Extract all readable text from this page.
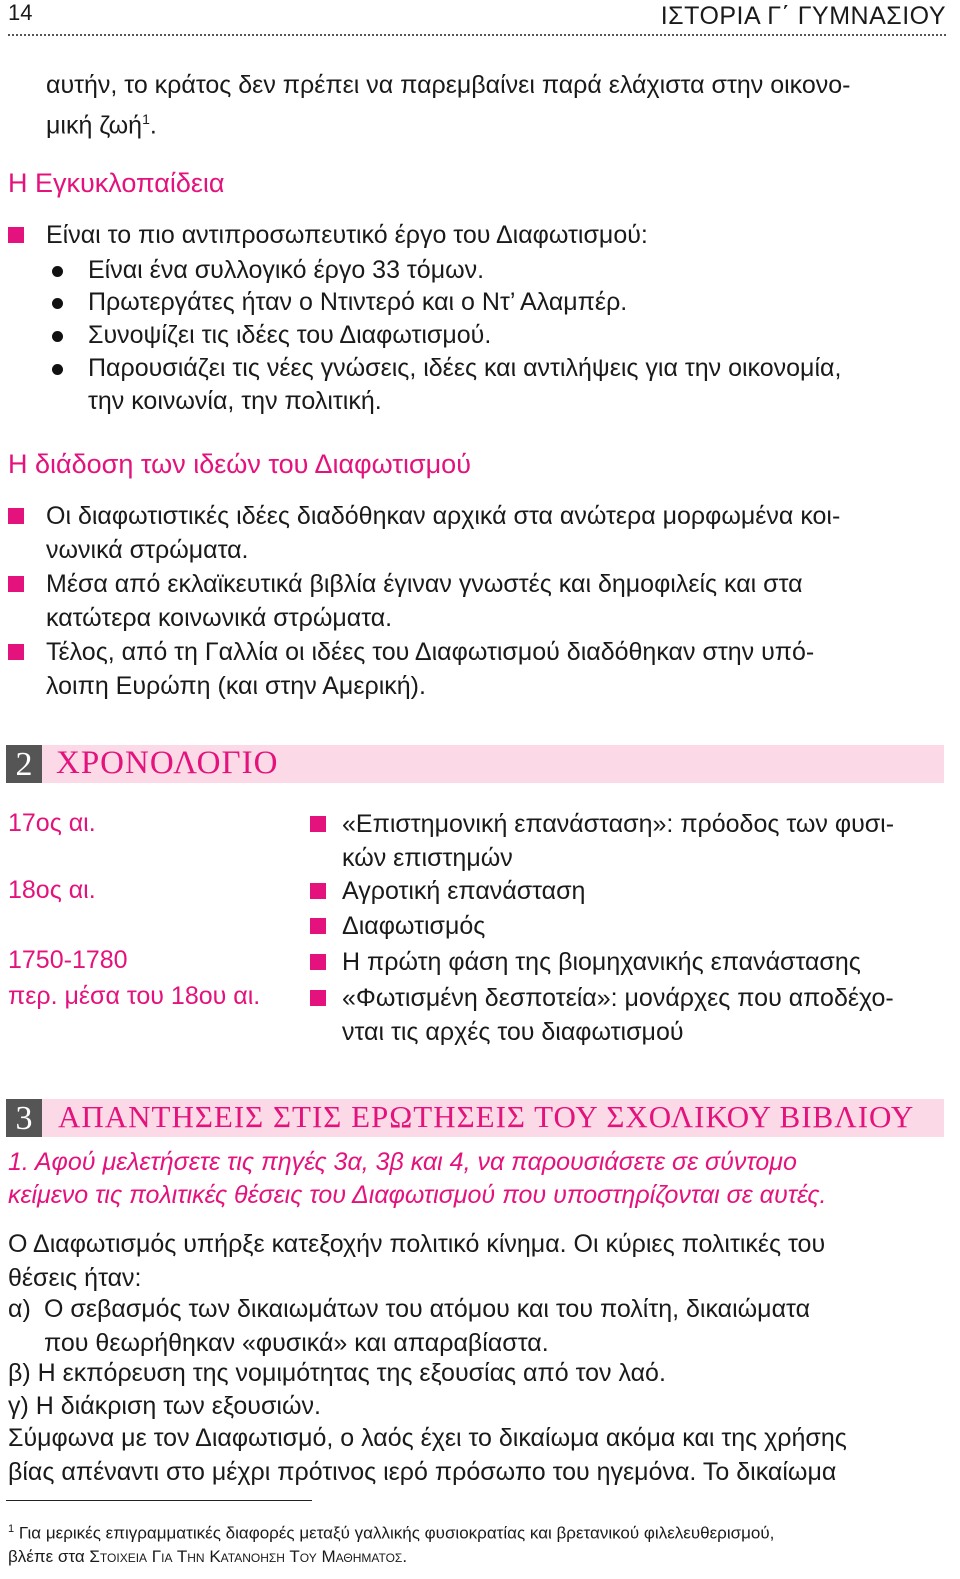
14	ΙΣΤΟΡΙΑ Γ΄ ΓΥΜΝΑΣΙΟΥ
αυτήν, το κράτος δεν πρέπει να παρεμβαίνει παρά ελάχιστα στην οικονο-
μική ζωή$^1$.
Η Εγκυκλοπαίδεια
Είναι το πιο αντιπροσωπευτικό έργο του Διαφωτισμού:
Είναι ένα συλλογικό έργο 33 τόμων.
Πρωτεργάτες ήταν ο Ντιντερό και ο Ντ’ Αλαμπέρ.
Συνοψίζει τις ιδέες του Διαφωτισμού.
Παρουσιάζει τις νέες γνώσεις, ιδέες και αντιλήψεις για την οικονομία,
την κοινωνία, την πολιτική.
Η διάδοση των ιδεών του Διαφωτισμού
Οι διαφωτιστικές ιδέες διαδόθηκαν αρχικά στα ανώτερα μορφωμένα κοι-
νωνικά στρώματα.
Μέσα από εκλαϊκευτικά βιβλία έγιναν γνωστές και δημοφιλείς και στα
κατώτερα κοινωνικά στρώματα.
Τέλος, από τη Γαλλία οι ιδέες του Διαφωτισμού διαδόθηκαν στην υπό-
λοιπη Ευρώπη (και στην Αμερική).
2 ΧΡΟΝΟΛΟΓΙΟ
17ος αι.
18ος αι.
1750-1780
περ. μέσα του 18ου αι.
«Επιστημονική επανάσταση»: πρόοδος των φυσι-
κών επιστημών
Αγροτική επανάσταση
Διαφωτισμός
Η πρώτη φάση της βιομηχανικής επανάστασης
«Φωτισμένη δεσποτεία»: μονάρχες που αποδέχο-
νται τις αρχές του διαφωτισμού
3 ΑΠΑΝΤΗΣΕΙΣ ΣΤΙΣ ΕΡΩΤΗΣΕΙΣ ΤΟΥ ΣΧΟΛΙΚΟΥ ΒΙΒΛΙΟΥ
1. Αφού μελετήσετε τις πηγές 3α, 3β και 4, να παρουσιάσετε σε σύντομο
κείμενο τις πολιτικές θέσεις του Διαφωτισμού που υποστηρίζονται σε αυτές.
Ο Διαφωτισμός υπήρξε κατεξοχήν πολιτικό κίνημα. Οι κύριες πολιτικές του
θέσεις ήταν:
α) Ο σεβασμός των δικαιωμάτων του ατόμου και του πολίτη, δικαιώματα
που θεωρήθηκαν «φυσικά» και απαραβίαστα.
β) Η εκπόρευση της νομιμότητας της εξουσίας από τον λαό.
γ) Η διάκριση των εξουσιών.
Σύμφωνα με τον Διαφωτισμό, ο λαός έχει το δικαίωμα ακόμα και της χρήσης
βίας απέναντι στο μέχρι πρότινος ιερό πρόσωπο του ηγεμόνα. Το δικαίωμα
$^1$ Για μερικές επιγραμματικές διαφορές μεταξύ γαλλικής φυσιοκρατίας και βρετανικού φιλελευθερισμού,
βλέπε στα Στοιχεια Για Την Κατανοηση Του Μαθηματος.
